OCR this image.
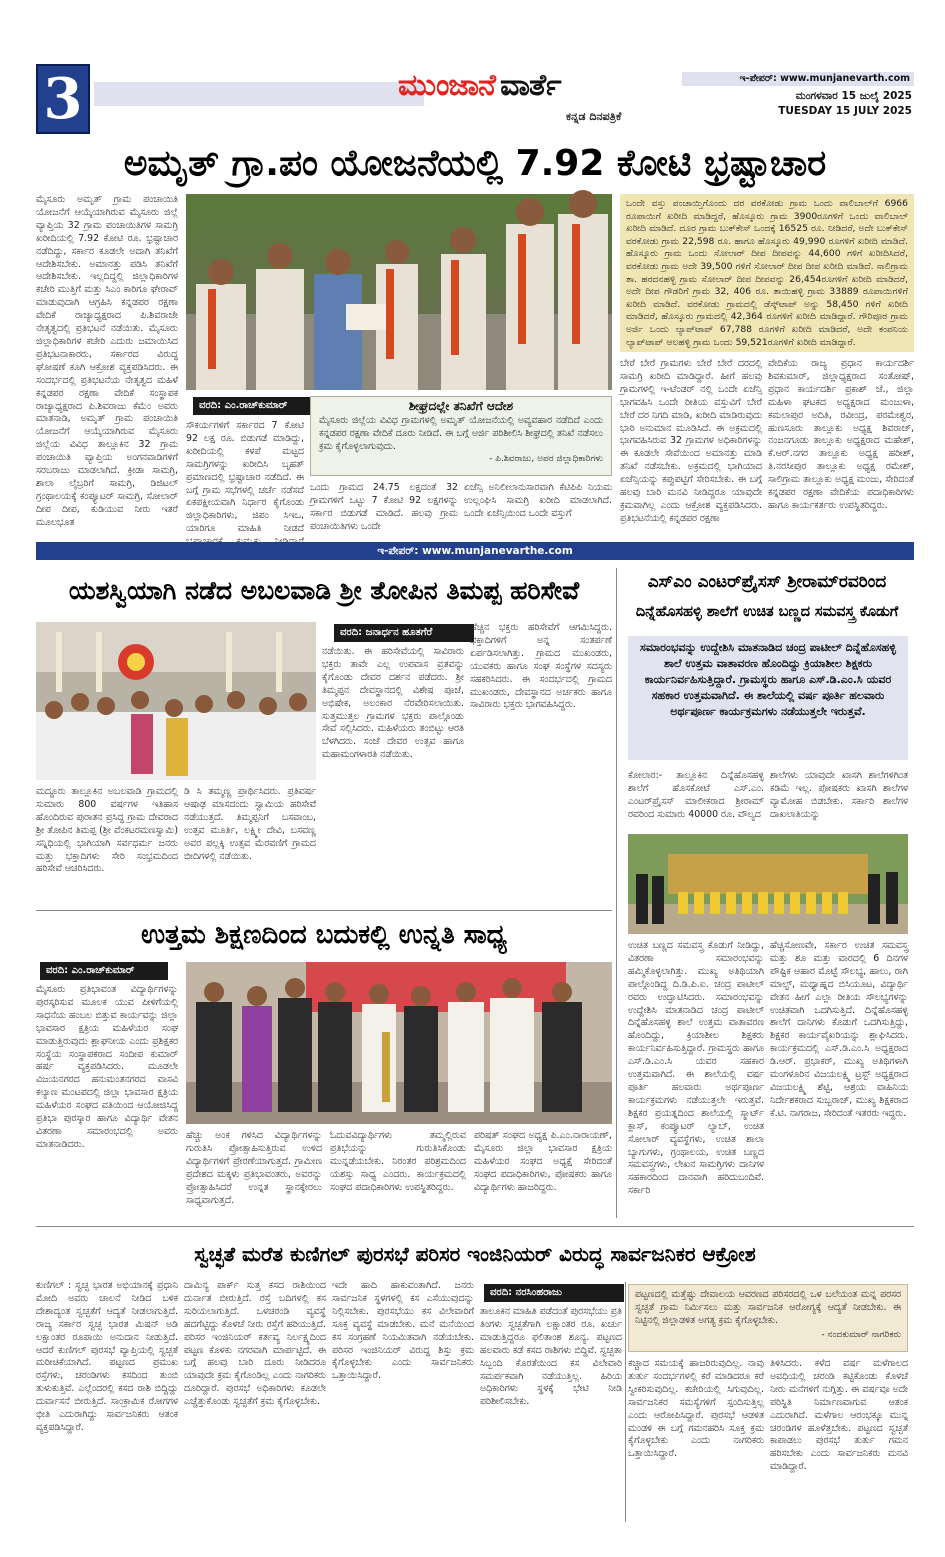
3	ಮುಂಜಾನೆ ವಾರ್ತೆ
ಕನ್ನಡ ದಿನಪತ್ರಿಕೆ
ಇ-ಪೇಪರ್: www.munjanevarth.com
ಮಂಗಳವಾರ 15 ಜುಲೈ 2025
TUESDAY 15 JULY 2025
ಅಮೃತ್ ಗ್ರಾ.ಪಂ ಯೋಜನೆಯಲ್ಲಿ 7.92 ಕೋಟಿ ಭ್ರಷ್ಟಾಚಾರ
ಮೈಸೂರು ಅಮೃತ್ ಗ್ರಾಮ ಪಂಚಾಯಿತಿ ಯೋಜನೆಗೆ ಆಯ್ಕೆಯಾಗಿರುವ ಮೈಸೂರು ಜಿಲ್ಲೆ ವ್ಯಾಪ್ತಿಯ 32 ಗ್ರಾಮ ಪಂಚಾಯಿತಿಗಳ ಸಾಮಗ್ರಿ ಖರೀದಿಯಲ್ಲಿ 7.92 ಕೋಟಿ ರೂ. ಭ್ರಷ್ಟಾಚಾರ ನಡೆದಿದ್ದು, ಸರ್ಕಾರ ಕೂಡಲೇ ಅದಾಗಿ ತನಿಖೆಗೆ ಆದೇಶಿಸಬೇಕು. ಅಮಾನತ್ತು ಪಡಿಸಿ ತನಿಖೆಗೆ ಆದೇಶಿಸಬೇಕು. ಇಲ್ಲದಿದ್ದಲ್ಲಿ ಜಿಲ್ಲಾಧಿಕಾರಿಗಳ ಕಚೇರಿ ಮುತ್ತಿಗೆ ಮತ್ತು ಸಿಎಂ ಕಾರಿಗೂ ಘೇರಾವ್ ಮಾಡುವುದಾಗಿ ಆಗ್ರಹಿಸಿ ಕನ್ನಡಪರ ರಕ್ಷಣಾ ವೇದಿಕೆ ರಾಜ್ಯಾಧ್ಯಕ್ಷರಾದ ಪಿ.ಶಿವರಾಜೇ ನೇತೃತ್ವದಲ್ಲಿ ಪ್ರತಿಭಟನೆ ನಡೆಯಿತು. ಮೈಸೂರು ಜಿಲ್ಲಾಧಿಕಾರಿಗಳ ಕಚೇರಿ ಎದುರು ಜಮಾಯಿಸಿದ ಪ್ರತಿಭಟನಾಕಾರರು, ಸರ್ಕಾರದ ವಿರುದ್ಧ ಘೋಷಣೆ ಕೂಗಿ ಆಕ್ರೋಶ ವ್ಯಕ್ತಪಡಿಸಿದರು. ಈ ಸಂದರ್ಭದಲ್ಲಿ ಪ್ರತಿಭಟನೆಯ ನೇತೃತ್ವದ ಮಹಿಳೆ ಕನ್ನಡಪರ ರಕ್ಷಣಾ ವೇದಿಕೆ ಸಂಸ್ಥಾಪಕ ರಾಜ್ಯಾಧ್ಯಕ್ಷರಾದ ಪಿ.ಶಿವರಾಜು ಕೆಮೆಂ ಅವರು ಮಾತನಾಡಿ, ಅಮೃತ್ ಗ್ರಾಮ ಪಂಚಾಯಿತಿ ಯೋಜನೆಗೆ ಆಯ್ಕೆಯಾಗಿರುವ ಮೈಸೂರು ಜಿಲ್ಲೆಯ ವಿವಿಧ ತಾಲ್ಲೂಕಿನ 32 ಗ್ರಾಮ ಪಂಚಾಯಿತಿ ವ್ಯಾಪ್ತಿಯ ಅಂಗನವಾಡಿಗಳಿಗೆ ಸರಬರಾಜು ಮಾಡಲಾಗಿದೆ. ಕ್ರೀಡಾ ಸಾಮಗ್ರಿ, ಶಾಲಾ ಲೈಬ್ರರಿಗೆ ಸಾಮಗ್ರಿ, ಡಿಜಿಟಲ್ ಗ್ರಂಥಾಲಯಕ್ಕೆ ಕಂಪ್ಯೂಟರ್ ಸಾಮಗ್ರಿ, ಸೋಲಾರ್ ದೀಪ ದೀಪ, ಕುಡಿಯುವ ನೀರು ಇತರೆ ಮೂಲಭೂತ
ವರದಿ: ಎಂ.ರಾಚ್‌ಕುಮಾರ್
ಸೌಕರ್ಯಗಳಿಗೆ ಸರ್ಕಾರದ 7 ಕೋಟಿ 92 ಲಕ್ಷ ರೂ. ಬಿಡುಗಡೆ ಮಾಡಿದ್ದು, ಖರೀದಿಯಲ್ಲಿ ಕಳಪೆ ಮಟ್ಟದ ಸಾಮಗ್ರಿಗಳನ್ನು ಖರೀದಿಸಿ ಬೃಹತ್ ಪ್ರಮಾಣದಲ್ಲಿ ಭ್ರಷ್ಟಾಚಾರ ನಡೆದಿದೆ. ಈ ಬಗ್ಗೆ ಗ್ರಾಮ ಸಭೆಗಳಲ್ಲಿ ಚರ್ಚೆ ನಡೆಸದೆ ಏಕಪಕ್ಷೀಯವಾಗಿ ನಿರ್ಧಾರ ಕೈಗೊಂಡು ಜಿಲ್ಲಾಧಿಕಾರಿಗಳು, ಜಿಪಂ ಸಿಇಒ, ಯಾರಿಗೂ ಮಾಹಿತಿ ನೀಡದೆ
ಶೀಘ್ರದಲ್ಲೇ ತನಿಖೆಗೆ ಆದೇಶ
ಮೈಸೂರು ಜಿಲ್ಲೆಯ ವಿವಿಧ ಗ್ರಾಮಗಳಲ್ಲಿ ಅಮೃತ್ ಯೋಜನೆಯಲ್ಲಿ ಅವ್ಯವಹಾರ ನಡೆದಿದೆ ಎಂದು ಕನ್ನಡಪರ ರಕ್ಷಣಾ ವೇದಿಕೆ ದೂರು ನೀಡಿದೆ. ಈ ಬಗ್ಗೆ ಅರ್ಜಿ ಪರಿಶೀಲಿಸಿ ಶೀಘ್ರದಲ್ಲಿ ತನಿಖೆ ನಡೆಸಲು ಕ್ರಮ ಕೈಗೊಳ್ಳಲಾಗುವುದು.
- ಪಿ.ಶಿವರಾಜು, ಅಪರ ಜಿಲ್ಲಾಧಿಕಾರಿಗಳು
ಒಂದು ಗ್ರಾಮದ 24.75 ಲಕ್ಷದಂತೆ 32 ಗ್ರಾಮಗಳಿಗೆ ಒಟ್ಟು 7 ಕೋಟಿ 92 ಲಕ್ಷಗಳನ್ನು ಸರ್ಕಾರ ಬಿಡುಗಡೆ ಮಾಡಿದೆ. ಹಲವು ಗ್ರಾಮ ಪಂಚಾಯಿತಿಗಳು ಒಂದೇ
ಏಜೆನ್ಸಿ ಅನಿಲೀಲಾನುಸಾರವಾಗಿ ಕೆಟಿಪಿಪಿ ನಿಯಮ ಉಲ್ಲಂಘಿಸಿ ಸಾಮಗ್ರಿ ಖರೀದಿ ಮಾಡಲಾಗಿದೆ. ಒಂದೇ ಏಜೆನ್ಸಿಯಿಂದ ಒಂದೇ ವಸ್ತುಗೆ
ಒಂದೇ ವಸ್ತು ಪಂಚಾಯ್ತಿಗೊಂದು ದರ ವರಕೋಡು ಗ್ರಾಮ ಒಂದು ವಾಲಿಬಾಲ್‌ಗೆ 6966 ರೂಪಾಯಿಗೆ ಖರೀದಿ ಮಾಡಿದ್ದರೆ, ಹೊಸ್ಕೂರು ಗ್ರಾಮ 3900ರೂಗಳಿಗೆ ಒಂದು ವಾಲಿಬಾಲ್ ಖರೀದಿ ಮಾಡಿದೆ. ದೂರ ಗ್ರಾಮ ಬುಕ್‌ಕೇಸ್ ಒಂದಕ್ಕೆ 16525 ರೂ. ನೀಡಿದರೆ, ಅದೇ ಬುಕ್‌ಕೇಸ್ ವರಕೋಡು ಗ್ರಾಮ 22,598 ರೂ. ಹಾಗೂ ಹೊಸ್ಕೂರು 49,990 ರೂಗಳಿಗೆ ಖರೀದಿ ಮಾಡಿದೆ. ಹೊಸ್ಕೂರು ಗ್ರಾಮ ಒಂದು ಸೋಲಾರ್ ದೀಪ ದೀಪವನ್ನು 44,600 ಗಳಿಗೆ ಖರೀದಿಸಿದರೆ, ವರಕೋಡು ಗ್ರಾಮ ಅದೇ 39,500 ಗಳಿಗೆ ಸೋಲಾರ್ ದೀಪ ದೀಪ ಖರೀದಿ ಮಾಡಿದೆ. ಸಾಲಿಗ್ರಾಮ ತಾ. ಹರದನಹಳ್ಳಿ ಗ್ರಾಮ ಸೋಲಾರ್ ದೀಪ ದೀಪವನ್ನು 26,454ರೂಗಳಿಗೆ ಖರೀದಿ ಮಾಡಿದರೆ, ಅದೇ ದೀಪ ಗೌಡರಿಗೆ ಗ್ರಾಮ 32, 406 ರೂ. ತಾಯಿಹಳ್ಳಿ ಗ್ರಾಮ 33889 ರೂಪಾಯಿಗಳಿಗೆ ಖರೀದಿ ಮಾಡಿದೆ. ವರಕೋಡು ಗ್ರಾಮದಲ್ಲಿ ಡೆಸ್ಕ್‌ಟಾಪ್ ಅನ್ನು 58,450 ಗಳಿಗೆ ಖರೀದಿ ಮಾಡಿದರೆ, ಹೊಸ್ಕೂರು ಗ್ರಾಮದಲ್ಲಿ 42,364 ರೂಗಳಿಗೆ ಖರೀದಿ ಮಾಡಿದ್ದಾರೆ. ಗೌರಿಪೂರ ಗ್ರಾಮ ಅರ್ಜಿ ಒಂದು ಲ್ಯಾಪ್‌ಟಾಪ್ 67,788 ರೂಗಳಿಗೆ ಖರೀದಿ ಮಾಡಿದರೆ, ಅದೇ ಕಂಪನಿಯ ಲ್ಯಾಪ್‌ಟಾಪ್ ಆಲಹಳ್ಳಿ ಗ್ರಾಮ ಒಂದು 59,521ರೂಗಳಿಗೆ ಖರೀದಿ ಮಾಡಿದ್ದಾರೆ.
ಬೇರೆ ಬೇರೆ ಗ್ರಾಮಗಳು ಬೇರೆ ಬೇರೆ ದರದಲ್ಲಿ ಸಾಮಗ್ರಿ ಖರೀದಿ ಮಾಡಿದ್ದಾರೆ. ಹೀಗೆ ಹಲವು ಗ್ರಾಮಗಳಲ್ಲಿ ಇ-ಟೆಂಡರ್ ನಲ್ಲಿ ಒಂದೇ ಏಜೆನ್ಸಿ ಭಾಗವಹಿಸಿ ಒಂದೇ ರೀತಿಯ ವಸ್ತುವಿಗೆ ಬೇರೆ ಬೇರೆ ದರ ನಿಗದಿ ಮಾಡಿ, ಖರೀದಿ ಮಾಡಿರುವುದು ಭಾರಿ ಅನುಮಾನ ಮೂಡಿಸಿದೆ. ಈ ಅಕ್ರಮದಲ್ಲಿ ಭಾಗವಹಿಸಿರುವ 32 ಗ್ರಾಮಗಳ ಅಧಿಕಾರಿಗಳನ್ನು ಈ ಕೂಡಲೇ ಸೇವೆಯಿಂದ ಅಮಾನತ್ತು ಮಾಡಿ ತನಿಖೆ ನಡೆಸಬೇಕು. ಅಕ್ರಮದಲ್ಲಿ ಭಾಗಿಯಾದ ಏಜೆನ್ಸಿಯನ್ನು ಕಪ್ಪುಪಟ್ಟಿಗೆ ಸೇರಿಸಬೇಕು. ಈ ಬಗ್ಗೆ ಹಲವು ಬಾರಿ ಮನವಿ ನೀಡಿದ್ದರೂ ಯಾವುದೇ ಕ್ರಮವಾಗಿಲ್ಲ ಎಂದು ಆಕ್ರೋಶ ವ್ಯಕ್ತಪಡಿಸಿದರು. ಪ್ರತಿಭಟನೆಯಲ್ಲಿ ಕನ್ನಡಪರ ರಕ್ಷಣಾ
ವೇದಿಕೆಯ ರಾಜ್ಯ ಪ್ರಧಾನ ಕಾರ್ಯದರ್ಶಿ ಶಿವಕುಮಾರ್, ಜಿಲ್ಲಾಧ್ಯಕ್ಷರಾದ ಸಂತೋಷ್, ಪ್ರಧಾನ ಕಾರ್ಯದರ್ಶಿ ಪ್ರಕಾಶ್ ಜೆ., ಜಿಲ್ಲಾ ಮಹಿಳಾ ಘಟಕದ ಅಧ್ಯಕ್ಷರಾದ ಮಂಜುಳಾ, ಕಮಲಾಪುರ ಅದಿತಿ, ರವೀಂದ್ರ, ಪರಮೇಶ್ವರ, ಹುಣಸೂರು ತಾಲ್ಲೂಕು ಅಧ್ಯಕ್ಷ ಶಿವರಾಜ್, ನಂಜನಗೂಡು ತಾಲ್ಲೂಕು ಅಧ್ಯಕ್ಷರಾದ ಮಹೇಶ್, ಕೆ.ಆರ್.ನಗರ ತಾಲ್ಲೂಕು ಅಧ್ಯಕ್ಷ ಹರೀಶ್, ತಿ.ನರಸೀಪುರ ತಾಲ್ಲೂಕು ಅಧ್ಯಕ್ಷ ರಮೇಶ್, ಸಾಲಿಗ್ರಾಮ ತಾಲ್ಲೂಕು ಅಧ್ಯಕ್ಷ ಮಂಜು, ಸೇರಿದಂತೆ ಕನ್ನಡಪರ ರಕ್ಷಣಾ ವೇದಿಕೆಯ ಪದಾಧಿಕಾರಿಗಳು ಹಾಗೂ ಕಾರ್ಯಕರ್ತರು ಉಪಸ್ಥಿತರಿದ್ದರು.
ಇ-ಪೇಪರ್: www.munjanevarthe.com
ಯಶಸ್ವಿಯಾಗಿ ನಡೆದ ಅಬಲವಾಡಿ ಶ್ರೀ ತೋಪಿನ ತಿಮಪ್ಪ ಹರಿಸೇವೆ
ಮದ್ದೂರು ತಾಲ್ಲೂಕಿನ ಅಬಲವಾಡಿ ಗ್ರಾಮದಲ್ಲಿ ಸುಮಾರು 800 ವರ್ಷಗಳ ಇತಿಹಾಸ ಹೊಂದಿರುವ ಪುರಾತನ ಪ್ರಸಿದ್ಧ ಗ್ರಾಮ ದೇವರಾದ ಶ್ರೀ ತೋಪಿನ ತಿಮಪ್ಪ (ಶ್ರೀ ವೆಂಕಟರಮಣಸ್ವಾಮಿ) ಸನ್ನಿಧಿಯಲ್ಲಿ ಭಾಗಿಯಾಗಿ ಸರ್ವಧರ್ಮ ಜನರು ಮತ್ತು ಭಕ್ತಾದಿಗಳು ಸೇರಿ ಸಂಭ್ರಮದಿಂದ ಹರಿಸೇವೆ ಆಚರಿಸಿದರು.
ಡಿ ಸಿ ತಮ್ಮಣ್ಣ ಪ್ರಾರ್ಥಿಸಿದರು. ಪ್ರತಿವರ್ಷ ಆಷಾಢ ಮಾಸದಂದು ಸ್ವಾಮಿಯ ಹರಿಸೇವೆ ನಡೆಯುತ್ತದೆ. ತಿಮ್ಮಪ್ಪನಿಗೆ ಬಸವಾಂಬ, ಉತ್ಸವ ಮೂರ್ತಿ, ಲಕ್ಷ್ಮೀ ದೇವಿ, ಬಸವಣ್ಣ ಅವರ ಪಲ್ಲಕ್ಕಿ ಉತ್ಸವ ಮೆರವಣಿಗೆ ಗ್ರಾಮದ ಬೀದಿಗಳಲ್ಲಿ ನಡೆಯಿತು.
ವರದಿ: ಜನಾರ್ಧನ ಹೂತಗೆರೆ
ನಡೆಯಿತು. ಈ ಹರಿಸೇವೆಯಲ್ಲಿ ಸಾವಿರಾರು ಭಕ್ತರು ತಾವೇ ಎಲ್ಲ ಉಪವಾಸ ವ್ರತವನ್ನು ಕೈಗೊಂಡು ದೇವರ ದರ್ಶನ ಪಡೆದರು. ಶ್ರೀ ತಿಮ್ಮಪ್ಪನ ದೇವಸ್ಥಾನದಲ್ಲಿ ವಿಶೇಷ ಪೂಜೆ, ಅಭಿಷೇಕ, ಅಲಂಕಾರ ನೆರವೇರಿಸಲಾಯಿತು. ಸುತ್ತಮುತ್ತಲ ಗ್ರಾಮಗಳ ಭಕ್ತರು ಪಾಲ್ಗೊಂಡು ಸೇವೆ ಸಲ್ಲಿಸಿದರು. ಮಹಿಳೆಯರು ತಂಬಿಟ್ಟು ಆರತಿ ಬೆಳಗಿದರು. ಸಂಜೆ ದೇವರ ಉತ್ಸವ ಹಾಗೂ ಮಹಾಮಂಗಳಾರತಿ ನಡೆಯಿತು.
ಹೆಚ್ಚಿನ ಭಕ್ತರು ಹರಿಸೇವೆಗೆ ಆಗಮಿಸಿದ್ದರು. ಭಕ್ತಾದಿಗಳಿಗೆ ಅನ್ನ ಸಂತರ್ಪಣೆ ಏರ್ಪಡಿಸಲಾಗಿತ್ತು. ಗ್ರಾಮದ ಮುಖಂಡರು, ಯುವಕರು ಹಾಗೂ ಸಂಘ ಸಂಸ್ಥೆಗಳ ಸದಸ್ಯರು ಸಹಕರಿಸಿದರು. ಈ ಸಂದರ್ಭದಲ್ಲಿ ಗ್ರಾಮದ ಮುಖಂಡರು, ದೇವಸ್ಥಾನದ ಅರ್ಚಕರು ಹಾಗೂ ಸಾವಿರಾರು ಭಕ್ತರು ಭಾಗವಹಿಸಿದ್ದರು.
ಎಸ್‌ಎಂ ಎಂಟರ್‌ಪ್ರೈಸಸ್ ಶ್ರೀರಾಮ್‌ರವರಿಂದ
ದಿನ್ನೆಹೊಸಹಳ್ಳಿ ಶಾಲೆಗೆ ಉಚಿತ ಬಣ್ಣದ ಸಮವಸ್ತ್ರ ಕೊಡುಗೆ
ಸಮಾರಂಭವನ್ನು ಉದ್ದೇಶಿಸಿ ಮಾತನಾಡಿದ ಚಂದ್ರ ಪಾಟೀಲ್ ದಿನ್ನೆಹೊಸಹಳ್ಳಿ ಶಾಲೆ ಉತ್ತಮ ವಾತಾವರಣ ಹೊಂದಿದ್ದು ಕ್ರಿಯಾಶೀಲ ಶಿಕ್ಷಕರು ಕಾರ್ಯನಿರ್ವಹಿಸುತ್ತಿದ್ದಾರೆ. ಗ್ರಾಮಸ್ಥರು ಹಾಗೂ ಎಸ್.ಡಿ.ಎಂ.ಸಿ ಯವರ ಸಹಕಾರ ಉತ್ತಮವಾಗಿದೆ. ಈ ಶಾಲೆಯಲ್ಲಿ ವರ್ಷ ಪೂರ್ತಿ ಹಲವಾರು ಅರ್ಥಪೂರ್ಣ ಕಾರ್ಯಕ್ರಮಗಳು ನಡೆಯುತ್ತಲೇ ಇರುತ್ತವೆ.
ಕೋಲಾರ:- ತಾಲ್ಲೂಕಿನ ದಿನ್ನೆಹೊಸಹಳ್ಳಿ ಶಾಲೆಗೆ ಹೊಸಕೋಟೆ ಎಸ್.ಎಂ. ಎಂಟರ್‌ಪ್ರೈಸಸ್ ಮಾಲೀಕರಾದ ಶ್ರೀರಾಮ್ ರವರಿಂದ ಸುಮಾರು 40000 ರೂ. ವೌಲ್ಯದ
ಶಾಲೆಗಳು ಯಾವುದೇ ಖಾಸಗಿ ಶಾಲೆಗಳಿಗಿಂತ ಕಡಿಮೆ ಇಲ್ಲ. ಪೋಷಕರು ಖಾಸಗಿ ಶಾಲೆಗಳ ವ್ಯಾಮೋಹ ಬಿಡಬೇಕು. ಸರ್ಕಾರಿ ಶಾಲೆಗಳ ದಾಖಲಾತಿಯನ್ನು
ಉಚಿತ ಬಣ್ಣದ ಸಮವಸ್ತ್ರ ಕೊಡುಗೆ ನೀಡಿದ್ದು, ವಿತರಣಾ ಸಮಾರಂಭವನ್ನು ಹಮ್ಮಿಕೊಳ್ಳಲಾಗಿತ್ತು. ಮುಖ್ಯ ಅತಿಥಿಯಾಗಿ ಪಾಲ್ಗೊಂಡಿದ್ದ ದಿ.ಡಿ.ಪಿ.ಐ. ಚಂದ್ರ ಪಾಟೀಲ್ ರವರು ಉದ್ಘಾಟಿಸಿದರು. ಸಮಾರಂಭವನ್ನು ಉದ್ದೇಶಿಸಿ ಮಾತನಾಡಿದ ಚಂದ್ರ ಪಾಟೀಲ್ ದಿನ್ನೆಹೊಸಹಳ್ಳಿ ಶಾಲೆ ಉತ್ತಮ ವಾತಾವರಣ ಹೊಂದಿದ್ದು, ಕ್ರಿಯಾಶೀಲ ಶಿಕ್ಷಕರು ಕಾರ್ಯನಿರ್ವಹಿಸುತ್ತಿದ್ದಾರೆ. ಗ್ರಾಮಸ್ಥರು ಹಾಗೂ ಎಸ್.ಡಿ.ಎಂ.ಸಿ ಯವರ ಸಹಕಾರ ಉತ್ತಮವಾಗಿದೆ. ಈ ಶಾಲೆಯಲ್ಲಿ ವರ್ಷ ಪೂರ್ತಿ ಹಲವಾರು ಅರ್ಥಪೂರ್ಣ ಕಾರ್ಯಕ್ರಮಗಳು ನಡೆಯುತ್ತಲೇ ಇರುತ್ತವೆ. ಶಿಕ್ಷಕರ ಪ್ರಯತ್ನದಿಂದ ಶಾಲೆಯಲ್ಲಿ ಸ್ಮಾರ್ಟ್ ಕ್ಲಾಸ್, ಕಂಪ್ಯೂಟರ್ ಲ್ಯಾಬ್, ಉಚಿತ ಸೋಲಾರ್ ವ್ಯವಸ್ಥೆಗಳು, ಉಚಿತ ಶಾಲಾ ಬ್ಯಾಗುಗಳು, ಗ್ರಂಥಾಲಯ, ಉಚಿತ ಬಣ್ಣದ ಸಮವಸ್ತ್ರಗಳು, ಲೇಖನ ಸಾಮಗ್ರಿಗಳು ದಾನಿಗಳ ಸಹಕಾರದಿಂದ ದಾನವಾಗಿ ಹರಿದುಬಂದಿವೆ. ಸರ್ಕಾರಿ
ಹೆಚ್ಚಿಸೋಣವೇ, ಸರ್ಕಾರ ಉಚಿತ ಸಮವಸ್ತ್ರ ಮತ್ತು ಶೂ ಮತ್ತು ವಾರದಲ್ಲಿ 6 ದಿನಗಳ ಪೌಷ್ಟಿಕ ಆಹಾರ ಮೊಟ್ಟೆ ಸೌಲಭ್ಯ, ಹಾಲು, ರಾಗಿ ಮಾಲ್ಟ್, ಮಧ್ಯಾಹ್ನದ ಬಿಸಿಯೂಟ, ವಿದ್ಯಾರ್ಥಿ ವೇತನ ಹೀಗೆ ಎಲ್ಲಾ ರೀತಿಯ ಸೌಲಭ್ಯಗಳನ್ನು ಉಚಿತವಾಗಿ ಒದಗಿಸುತ್ತಿದೆ. ದಿನ್ನೆಹೊಸಹಳ್ಳಿ ಶಾಲೆಗೆ ದಾನಿಗಳು ಕೊಡುಗೆ ಒದಗಿಸುತ್ತಿದ್ದು, ಶಿಕ್ಷಕರ ಕಾರ್ಯವೈಖರಿಯನ್ನು ಶ್ಲಾಘಿಸಿದರು. ಕಾರ್ಯಕ್ರಮದಲ್ಲಿ ಎಸ್.ಡಿ.ಎಂ.ಸಿ ಅಧ್ಯಕ್ಷರಾದ ಡಿ.ಆರ್. ಪ್ರಭಾಕರ್, ಮುಖ್ಯ ಅತಿಥಿಗಳಾಗಿ ಮಂಗಳೂರಿನ ವಿಜಯಲಕ್ಷ್ಮಿ ಟ್ರಸ್ಟ್ ಅಧ್ಯಕ್ಷರಾದ ವಿಜಯಲಕ್ಷ್ಮಿ ಶೆಟ್ಟಿ, ಆಶ್ರಯ ವಾಹಿನಿಯ ನಿರ್ದೇಶಕರಾದ ಸುಬ್ಬರಾಜ್, ಮುಖ್ಯ ಶಿಕ್ಷಕರಾದ ಕೆ.ಟಿ. ನಾಗರಾಜ, ಸೇರಿದಂತೆ ಇತರರು ಇದ್ದರು.
ಉತ್ತಮ ಶಿಕ್ಷಣದಿಂದ ಬದುಕಲ್ಲಿ ಉನ್ನತಿ ಸಾಧ್ಯ
ವರದಿ: ಎಂ.ರಾಚ್‌ಕುಮಾರ್
ಮೈಸೂರು ಪ್ರತಿಭಾವಂತ ವಿದ್ಯಾರ್ಥಿಗಳನ್ನು ಪುರಸ್ಕರಿಸುವ ಮೂಲಕ ಯುವ ಪೀಳಿಗೆಯಲ್ಲಿ ಸಾಧನೆಯ ಹಂಬಲ ಬಿತ್ತುವ ಕಾರ್ಯವನ್ನು ಜಿಲ್ಲಾ ಭಾವಸಾರ ಕ್ಷತ್ರಿಯ ಮಹಿಳೆಯರ ಸಂಘ ಮಾಡುತ್ತಿರುವುದು ಶ್ಲಾಘನೀಯ ಎಂದು ಪ್ರಶಿಕ್ಷಕರ ಸಂಸ್ಥೆಯ ಸಂಸ್ಥಾಪಕರಾದ ಸಂದೀಪ ಕುಮಾರ್ ಹರ್ಷ ವ್ಯಕ್ತಪಡಿಸಿದರು. ಮೂಡಲೇ ವಿಜಯನಗರದ ಹನುಮಂತನಗರದ ವಾಸವಿ ಕಲ್ಯಾಣ ಮಂಟಪದಲ್ಲಿ ಜಿಲ್ಲಾ ಭಾವಸಾರ ಕ್ಷತ್ರಿಯ ಮಹಿಳೆಯರ ಸಂಘದ ವತಿಯಿಂದ ಆಯೋಜಿಸಿದ್ದ ಪ್ರತಿಭಾ ಪುರಸ್ಕಾರ ಹಾಗೂ ವಿದ್ಯಾರ್ಥಿ ವೇತನ ವಿತರಣಾ ಸಮಾರಂಭದಲ್ಲಿ ಅವರು ಮಾತನಾಡಿದರು.
ಹೆಚ್ಚು ಅಂಕ ಗಳಿಸಿದ ವಿದ್ಯಾರ್ಥಿಗಳನ್ನು ಗುರುತಿಸಿ ಪ್ರೋತ್ಸಾಹಿಸುತ್ತಿರುವ ಉಳಿದ ವಿದ್ಯಾರ್ಥಿಗಳಿಗೆ ಪ್ರೇರಣೆಯಾಗುತ್ತದೆ. ಗ್ರಾಮೀಣ ಪ್ರದೇಶದ ಮಕ್ಕಳು ಪ್ರತಿಭಾವಂತರು, ಅವರನ್ನು ಪ್ರೋತ್ಸಾಹಿಸಿದರೆ ಉನ್ನತ ಸ್ಥಾನಕ್ಕೇರಲು ಸಾಧ್ಯವಾಗುತ್ತದೆ.
ಓದುವವಿದ್ಯಾರ್ಥಿಗಳು ತಮ್ಮಲ್ಲಿರುವ ಪ್ರತಿಭೆಯನ್ನು ಗುರುತಿಸಿಕೊಂಡು ಮುನ್ನಡೆಯಬೇಕು. ನಿರಂತರ ಪರಿಶ್ರಮದಿಂದ ಯಶಸ್ಸು ಸಾಧ್ಯ ಎಂದರು. ಕಾರ್ಯಕ್ರಮದಲ್ಲಿ ಸಂಘದ ಪದಾಧಿಕಾರಿಗಳು ಉಪಸ್ಥಿತರಿದ್ದರು.
ಪರಿಷತ್ ಸಂಘದ ಅಧ್ಯಕ್ಷ ಪಿ.ಎಂ.ನಾರಾಯಣ್, ಮೈಸೂರು ಜಿಲ್ಲಾ ಭಾವಸಾರ ಕ್ಷತ್ರಿಯ ಮಹಿಳೆಯರ ಸಂಘದ ಅಧ್ಯಕ್ಷೆ ಸೇರಿದಂತೆ ಸಂಘದ ಪದಾಧಿಕಾರಿಗಳು, ಪೋಷಕರು ಹಾಗೂ ವಿದ್ಯಾರ್ಥಿಗಳು ಹಾಜರಿದ್ದರು.
ಸ್ವಚ್ಛತೆ ಮರೆತ ಕುಣಿಗಲ್ ಪುರಸಭೆ ಪರಿಸರ ಇಂಜಿನಿಯರ್ ವಿರುದ್ಧ ಸಾರ್ವಜನಿಕರ ಆಕ್ರೋಶ
ಕುಣಿಗಲ್ : ಸ್ವಚ್ಛ ಭಾರತ ಅಭಿಯಾನಕ್ಕೆ ಪ್ರಧಾನಿ ಮೋದಿ ಅವರು ಚಾಲನೆ ನೀಡಿದ ಬಳಿಕ ದೇಶಾದ್ಯಂತ ಸ್ವಚ್ಛತೆಗೆ ಆದ್ಯತೆ ನೀಡಲಾಗುತ್ತಿದೆ. ರಾಜ್ಯ ಸರ್ಕಾರ ಸ್ವಚ್ಛ ಭಾರತ ಮಿಷನ್ ಅಡಿ ಲಕ್ಷಾಂತರ ರೂಪಾಯಿ ಅನುದಾನ ನೀಡುತ್ತಿದೆ. ಆದರೆ ಕುಣಿಗಲ್ ಪುರಸಭೆ ವ್ಯಾಪ್ತಿಯಲ್ಲಿ ಸ್ವಚ್ಛತೆ ಮರೀಚಿಕೆಯಾಗಿದೆ. ಪಟ್ಟಣದ ಪ್ರಮುಖ ರಸ್ತೆಗಳು, ಚರಂಡಿಗಳು ಕಸದಿಂದ ತುಂಬಿ ತುಳುಕುತ್ತಿವೆ. ಎಲ್ಲೆಂದರಲ್ಲಿ ಕಸದ ರಾಶಿ ಬಿದ್ದಿದ್ದು ದುರ್ವಾಸನೆ ಬೀರುತ್ತಿದೆ. ಸಾಂಕ್ರಾಮಿಕ ರೋಗಗಳ ಭೀತಿ ಎದುರಾಗಿದ್ದು ಸಾರ್ವಜನಿಕರು ಆತಂಕ ವ್ಯಕ್ತಪಡಿಸಿದ್ದಾರೆ.
ದಾಮಿನ್ಯ ಪಾರ್ಕ್ ಸುತ್ತ ಕಸದ ರಾಶಿಯಿಂದ ದುರ್ನಾತ ಬೀರುತ್ತಿದೆ. ರಸ್ತೆ ಬದಿಗಳಲ್ಲಿ ಕಸ ಸುರಿಯಲಾಗುತ್ತಿದೆ. ಒಳಚರಂಡಿ ವ್ಯವಸ್ಥೆ ಹದಗೆಟ್ಟಿದ್ದು ಕೊಳಚೆ ನೀರು ರಸ್ತೆಗೆ ಹರಿಯುತ್ತಿದೆ. ಪರಿಸರ ಇಂಜಿನಿಯರ್ ಕರ್ತವ್ಯ ನಿರ್ಲಕ್ಷ್ಯದಿಂದ ಪಟ್ಟಣ ಕೊಳಕು ನಗರವಾಗಿ ಮಾರ್ಪಟ್ಟಿದೆ. ಈ ಬಗ್ಗೆ ಹಲವು ಬಾರಿ ದೂರು ನೀಡಿದರೂ ಯಾವುದೇ ಕ್ರಮ ಕೈಗೊಂಡಿಲ್ಲ ಎಂದು ನಾಗರಿಕರು ದೂರಿದ್ದಾರೆ. ಪುರಸಭೆ ಅಧಿಕಾರಿಗಳು ಕೂಡಲೇ ಎಚ್ಚೆತ್ತುಕೊಂಡು ಸ್ವಚ್ಛತೆಗೆ ಕ್ರಮ ಕೈಗೊಳ್ಳಬೇಕು.
ಇದೇ ಹಾದಿ ಹಾಕುವಂತಾಗಿದೆ. ಜನರು ಸಾರ್ವಜನಿಕ ಸ್ಥಳಗಳಲ್ಲಿ ಕಸ ಎಸೆಯುವುದನ್ನು ನಿಲ್ಲಿಸಬೇಕು. ಪುರಸಭೆಯು ಕಸ ವಿಲೇವಾರಿಗೆ ಸೂಕ್ತ ವ್ಯವಸ್ಥೆ ಮಾಡಬೇಕು. ಮನೆ ಮನೆಯಿಂದ ಕಸ ಸಂಗ್ರಹಣೆ ನಿಯಮಿತವಾಗಿ ನಡೆಯಬೇಕು. ಪರಿಸರ ಇಂಜಿನಿಯರ್ ವಿರುದ್ಧ ಶಿಸ್ತು ಕ್ರಮ ಕೈಗೊಳ್ಳಬೇಕು ಎಂದು ಸಾರ್ವಜನಿಕರು ಒತ್ತಾಯಿಸಿದ್ದಾರೆ.
ವರದಿ: ನರಸಿಂಹರಾಜು
ತಾಲೂಕಿನ ಮಾಹಿತಿ ಪಡೆದಂತೆ ಪುರಸಭೆಯು ಪ್ರತಿ ತಿಂಗಳು ಸ್ವಚ್ಛತೆಗಾಗಿ ಲಕ್ಷಾಂತರ ರೂ. ಖರ್ಚು ಮಾಡುತ್ತಿದ್ದರೂ ಫಲಿತಾಂಶ ಶೂನ್ಯ. ಪಟ್ಟಣದ ಹಲವಾರು ಕಡೆ ಕಸದ ರಾಶಿಗಳು ಬಿದ್ದಿವೆ. ಸ್ವಚ್ಛತಾ ಸಿಬ್ಬಂದಿ ಕೊರತೆಯಿಂದ ಕಸ ವಿಲೇವಾರಿ ಸಮರ್ಪಕವಾಗಿ ನಡೆಯುತ್ತಿಲ್ಲ. ಹಿರಿಯ ಅಧಿಕಾರಿಗಳು ಸ್ಥಳಕ್ಕೆ ಭೇಟಿ ನೀಡಿ ಪರಿಶೀಲಿಸಬೇಕು.
ಪಟ್ಟಣದಲ್ಲಿ ಮತ್ತೆಷ್ಟು ದೇವಾಲಯ ಆವರಣದ ಪರಿಸರದಲ್ಲಿ ಒಳ ಬಲೆಯಂತ ಮನ್ನ ಪರಸರ ಸ್ವಚ್ಛತೆ ಗ್ರಾಮ ನಿರ್ಮಿಸಲು ಮತ್ತು ಸಾರ್ವಜನಿಕ ಆರೋಗ್ಯಕ್ಕೆ ಆದ್ಯತೆ ನೀಡಬೇಕು. ಈ ನಿಟ್ಟಿನಲ್ಲಿ ಜಿಲ್ಲಾಡಳಿತ ಅಗತ್ಯ ಕ್ರಮ ಕೈಗೊಳ್ಳಬೇಕು.
- ನಂದಕುಮಾರ್ ನಾಗರಿಕರು
ಕಚ್ಚಾದ ಸಮಯಕ್ಕೆ ಹಾಜರಿರುವುದಿಲ್ಲ. ನಾವು ತುರ್ತು ಸಂದರ್ಭಗಳಲ್ಲಿ ಕರೆ ಮಾಡಿದರೂ ಕರೆ ಸ್ವೀಕರಿಸುವುದಿಲ್ಲ. ಕಚೇರಿಯಲ್ಲಿ ಸಿಗುವುದಿಲ್ಲ. ಸಾರ್ವಜನಿಕರ ಸಮಸ್ಯೆಗಳಿಗೆ ಸ್ಪಂದಿಸುತ್ತಿಲ್ಲ ಎಂದು ಆರೋಪಿಸಿದ್ದಾರೆ. ಪುರಸಭೆ ಆಡಳಿತ ಮಂಡಳಿ ಈ ಬಗ್ಗೆ ಗಮನಹರಿಸಿ ಸೂಕ್ತ ಕ್ರಮ ಕೈಗೊಳ್ಳಬೇಕು ಎಂದು ನಾಗರಿಕರು ಒತ್ತಾಯಿಸಿದ್ದಾರೆ.
ತಿಳಿಸಿದರು. ಕಳೆದ ವರ್ಷ ಮಳೆಗಾಲದ ಅವಧಿಯಲ್ಲಿ ಚರಂಡಿ ಕಟ್ಟಿಕೊಂಡು ಕೊಳಚೆ ನೀರು ಮನೆಗಳಿಗೆ ನುಗ್ಗಿತ್ತು. ಈ ವರ್ಷವೂ ಅದೇ ಪರಿಸ್ಥಿತಿ ನಿರ್ಮಾಣವಾಗುವ ಆತಂಕ ಎದುರಾಗಿದೆ. ಮಳೆಗಾಲ ಆರಂಭಕ್ಕೂ ಮುನ್ನ ಚರಂಡಿಗಳ ಹೂಳೆತ್ತಬೇಕು. ಪಟ್ಟಣದ ಸ್ವಚ್ಛತೆ ಕಾಪಾಡಲು ಪುರಸಭೆ ತುರ್ತು ಗಮನ ಹರಿಸಬೇಕು ಎಂದು ಸಾರ್ವಜನಿಕರು ಮನವಿ ಮಾಡಿದ್ದಾರೆ.
